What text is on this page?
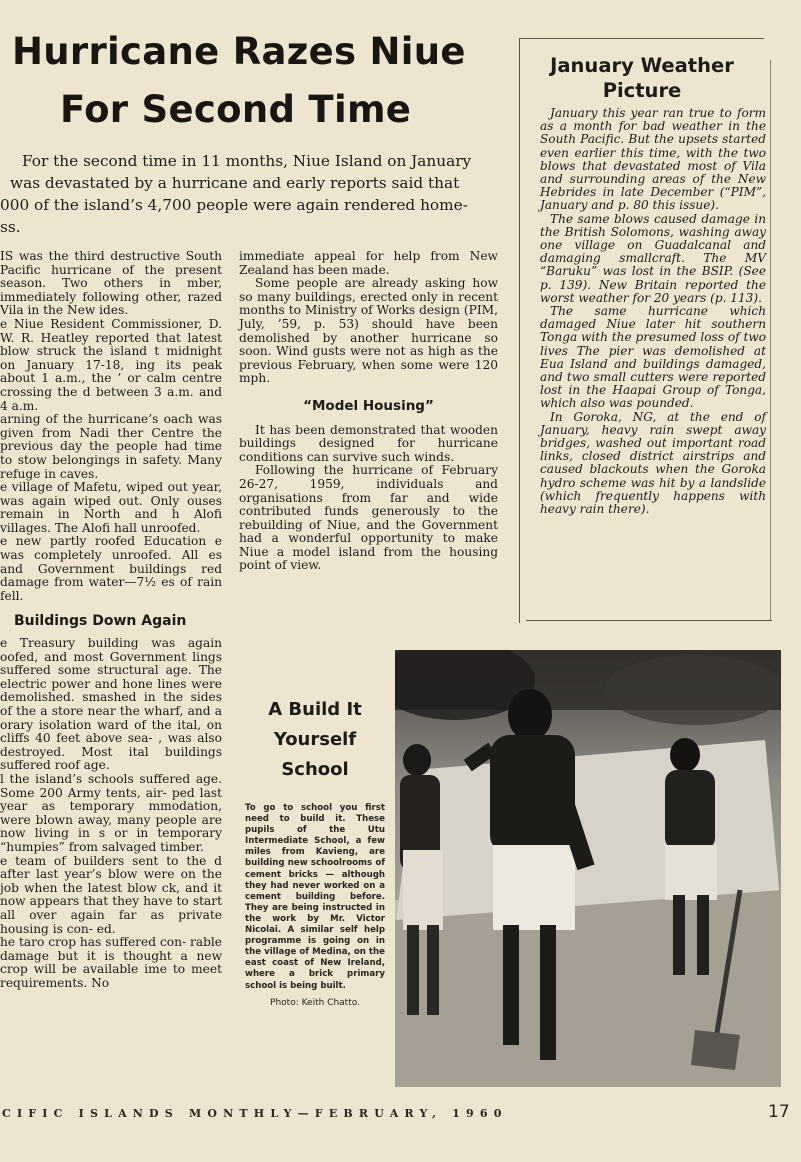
Hurricane Razes Niue
For Second Time

For the second time in 11 months, Niue Island on January

was devastated by a hurricane and early reports said that

000 of the island’s 4,700 people were again rendered home-

ss.

IS was the third destructive South Pacific hurricane of the present season. Two others in mber, immediately following other, razed Vila in the New ides.

e Niue Resident Commissioner, D. W. R. Heatley reported that latest blow struck the island t midnight on January 17-18, ing its peak about 1 a.m., the ’ or calm centre crossing the d between 3 a.m. and 4 a.m.

arning of the hurricane’s oach was given from Nadi ther Centre the previous day the people had time to stow belongings in safety. Many refuge in caves.

e village of Mafetu, wiped out year, was again wiped out. Only ouses remain in North and h Alofi villages. The Alofi hall unroofed.

e new partly roofed Education e was completely unroofed. All es and Government buildings red damage from water—7½ es of rain fell.

Buildings Down Again

e Treasury building was again oofed, and most Government lings suffered some structural age. The electric power and hone lines were demolished. smashed in the sides of the a store near the wharf, and a orary isolation ward of the ital, on cliffs 40 feet above sea- , was also destroyed. Most ital buildings suffered roof age.

l the island’s schools suffered age. Some 200 Army tents, air- ped last year as temporary mmodation, were blown away, many people are now living in s or in temporary “humpies” from salvaged timber.

e team of builders sent to the d after last year’s blow were on the job when the latest blow ck, and it now appears that they have to start all over again far as private housing is con- ed.

he taro crop has suffered con- rable damage but it is thought a new crop will be available ime to meet requirements. No

immediate appeal for help from New Zealand has been made.

Some people are already asking how so many buildings, erected only in recent months to Ministry of Works design (PIM, July, ’59, p. 53) should have been demolished by another hurricane so soon. Wind gusts were not as high as the previous February, when some were 120 mph.

“Model Housing”

It has been demonstrated that wooden buildings designed for hurricane conditions can survive such winds.

Following the hurricane of February 26-27, 1959, individuals and organisations from far and wide contributed funds generously to the rebuilding of Niue, and the Government had a wonderful opportunity to make Niue a model island from the housing point of view.

January Weather
Picture

January this year ran true to form as a month for bad weather in the South Pacific. But the upsets started even earlier this time, with the two blows that devastated most of Vila and surrounding areas of the New Hebrides in late December (“PIM”, January and p. 80 this issue).

The same blows caused damage in the British Solomons, washing away one village on Guadalcanal and damaging smallcraft. The MV “Baruku” was lost in the BSIP. (See p. 139). New Britain reported the worst weather for 20 years (p. 113).

The same hurricane which damaged Niue later hit southern Tonga with the presumed loss of two lives The pier was demolished at Eua Island and buildings damaged, and two small cutters were reported lost in the Haapai Group of Tonga, which also was pounded.

In Goroka, NG, at the end of January, heavy rain swept away bridges, washed out important road links, closed district airstrips and caused blackouts when the Goroka hydro scheme was hit by a landslide (which frequently happens with heavy rain there).

A Build It
Yourself
School
To go to school you first need to build it. These pupils of the Utu Intermediate School, a few miles from Kavieng, are building new schoolrooms of cement bricks — although they had never worked on a cement building before. They are being instructed in the work by Mr. Victor Nicolai. A similar self help programme is going on in the village of Medina, on the east coast of New Ireland, where a brick primary school is being built.
Photo: Keith Chatto.
CIFIC ISLANDS MONTHLY—FEBRUARY, 1960	17
